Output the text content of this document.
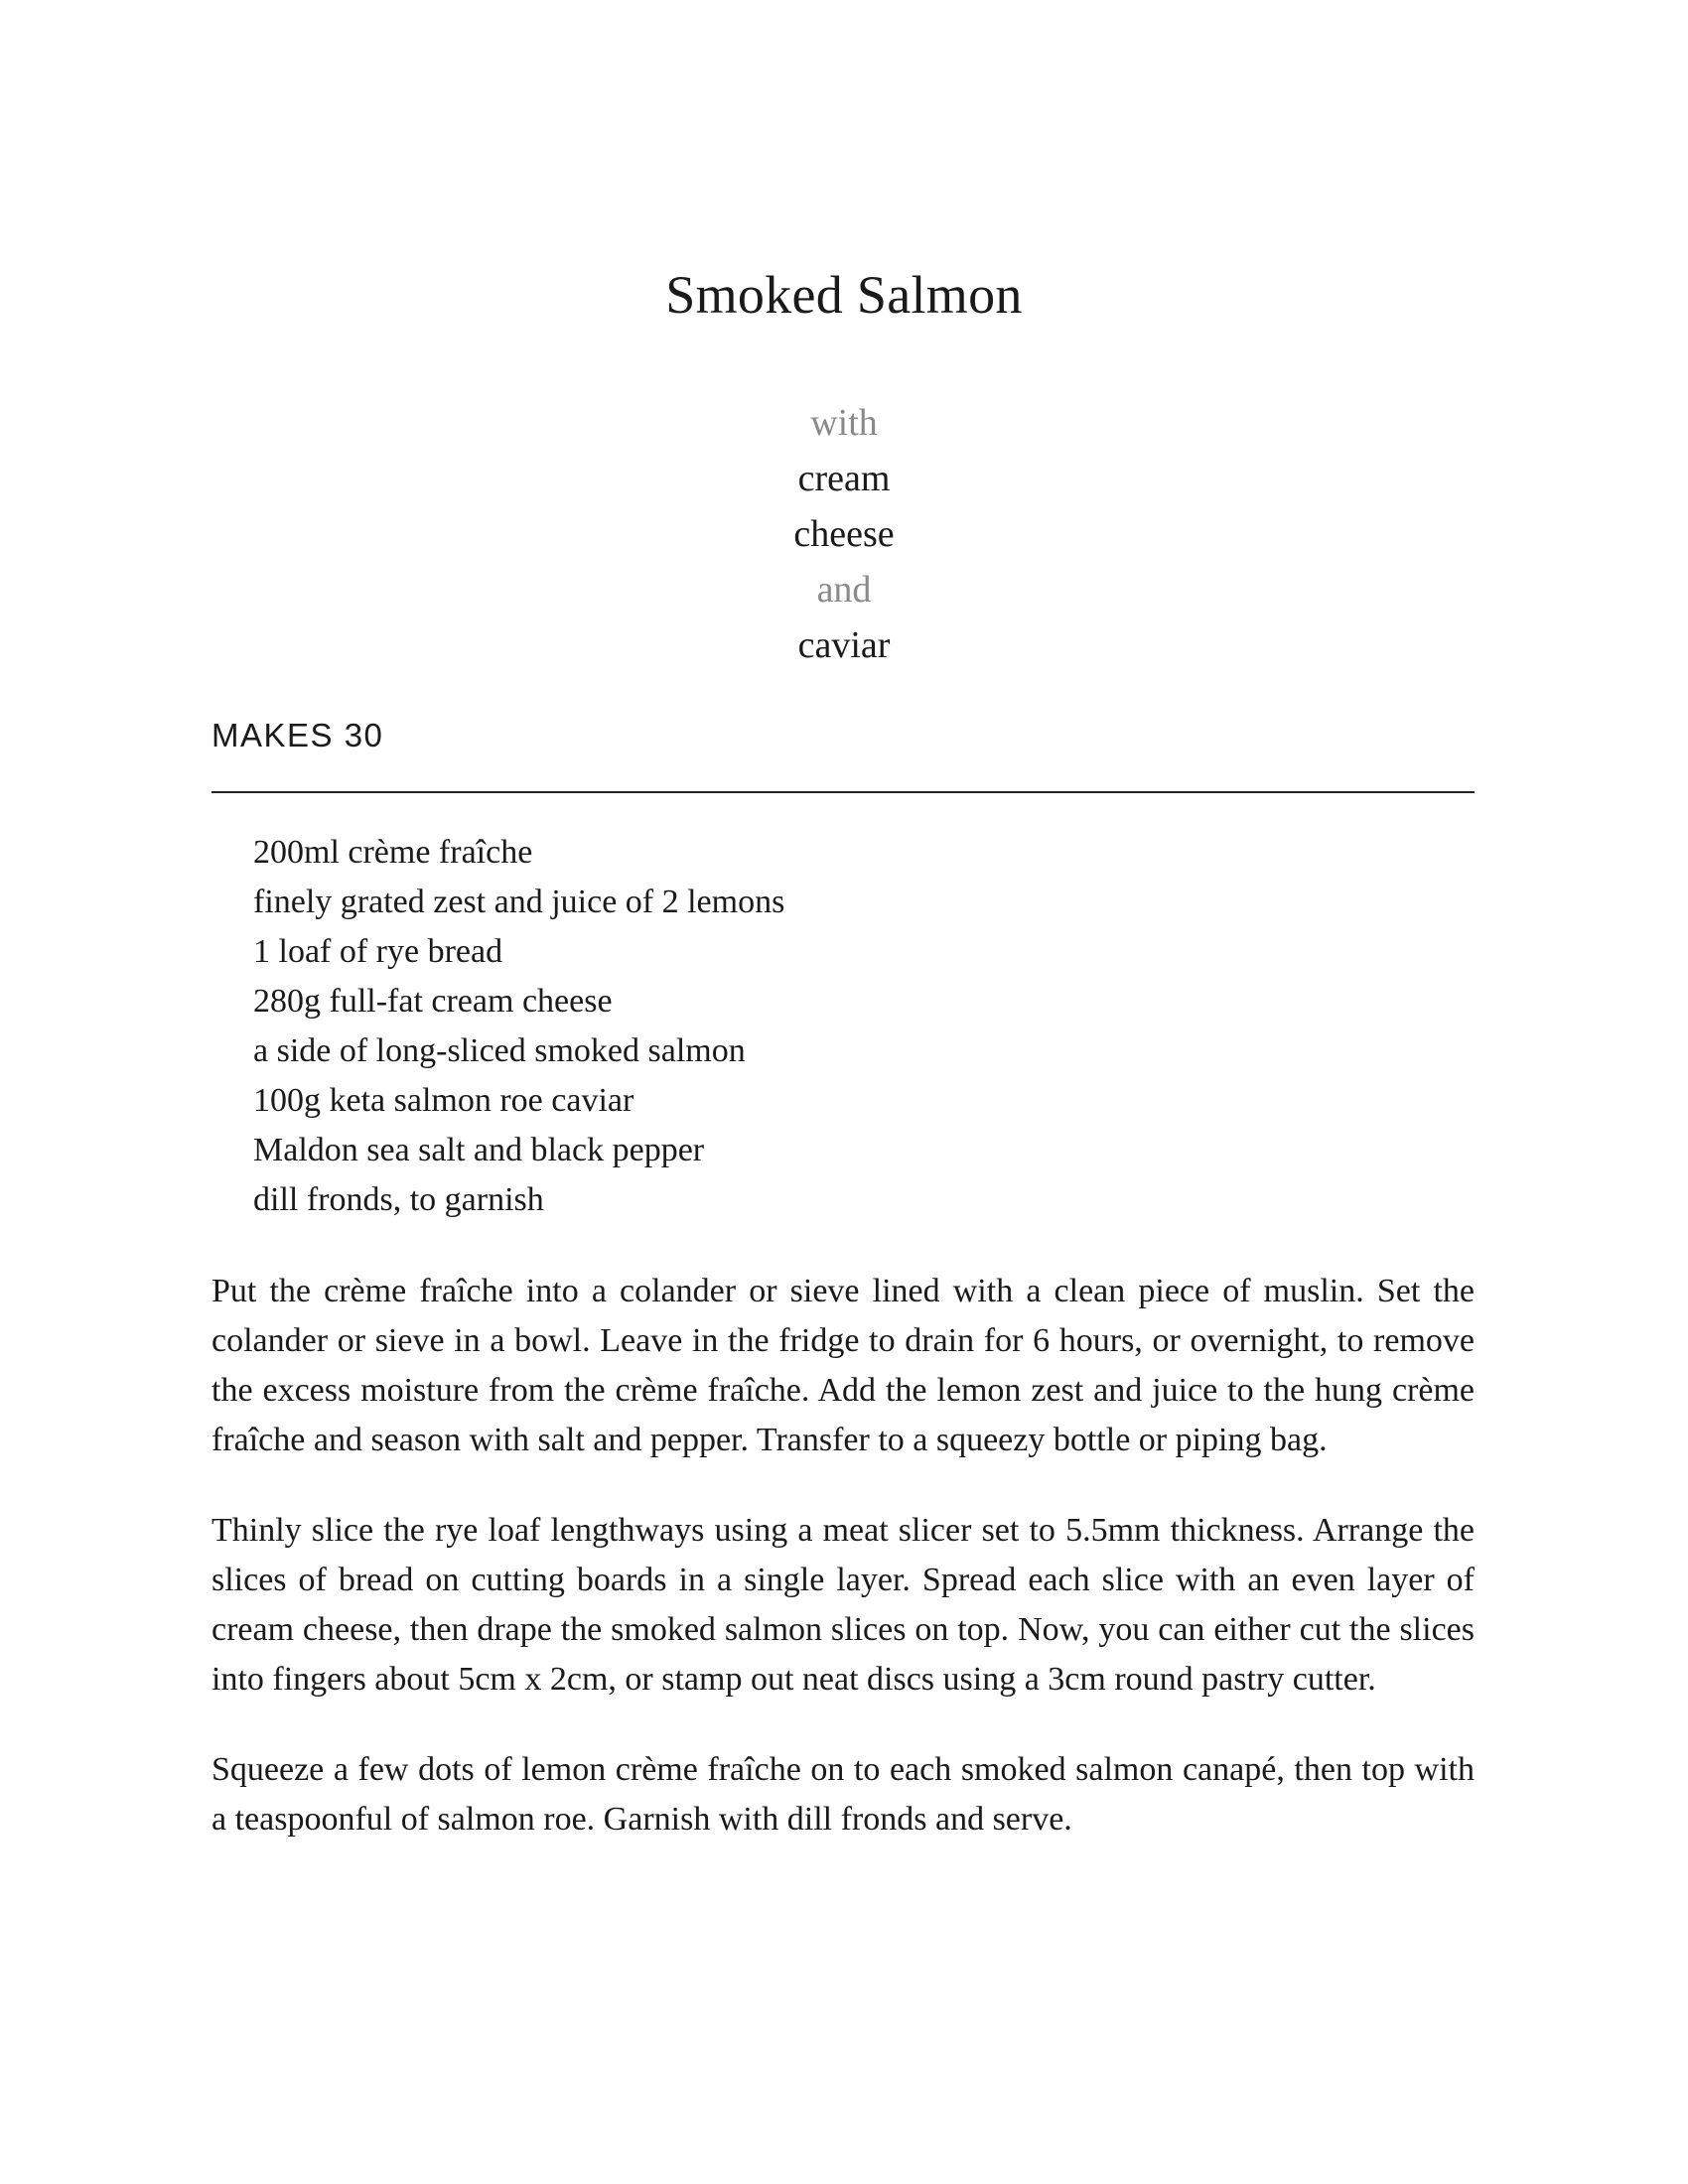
Smoked Salmon
with
cream
cheese
and
caviar
MAKES 30
200ml crème fraîche
finely grated zest and juice of 2 lemons
1 loaf of rye bread
280g full-fat cream cheese
a side of long-sliced smoked salmon
100g keta salmon roe caviar
Maldon sea salt and black pepper
dill fronds, to garnish

Put the crème fraîche into a colander or sieve lined with a clean piece of muslin. Set the colander or sieve in a bowl. Leave in the fridge to drain for 6 hours, or overnight, to remove the excess moisture from the crème fraîche. Add the lemon zest and juice to the hung crème fraîche and season with salt and pepper. Transfer to a squeezy bottle or piping bag.

Thinly slice the rye loaf lengthways using a meat slicer set to 5.5mm thickness. Arrange the slices of bread on cutting boards in a single layer. Spread each slice with an even layer of cream cheese, then drape the smoked salmon slices on top. Now, you can either cut the slices into fingers about 5cm x 2cm, or stamp out neat discs using a 3cm round pastry cutter.

Squeeze a few dots of lemon crème fraîche on to each smoked salmon canapé, then top with a teaspoonful of salmon roe. Garnish with dill fronds and serve.
